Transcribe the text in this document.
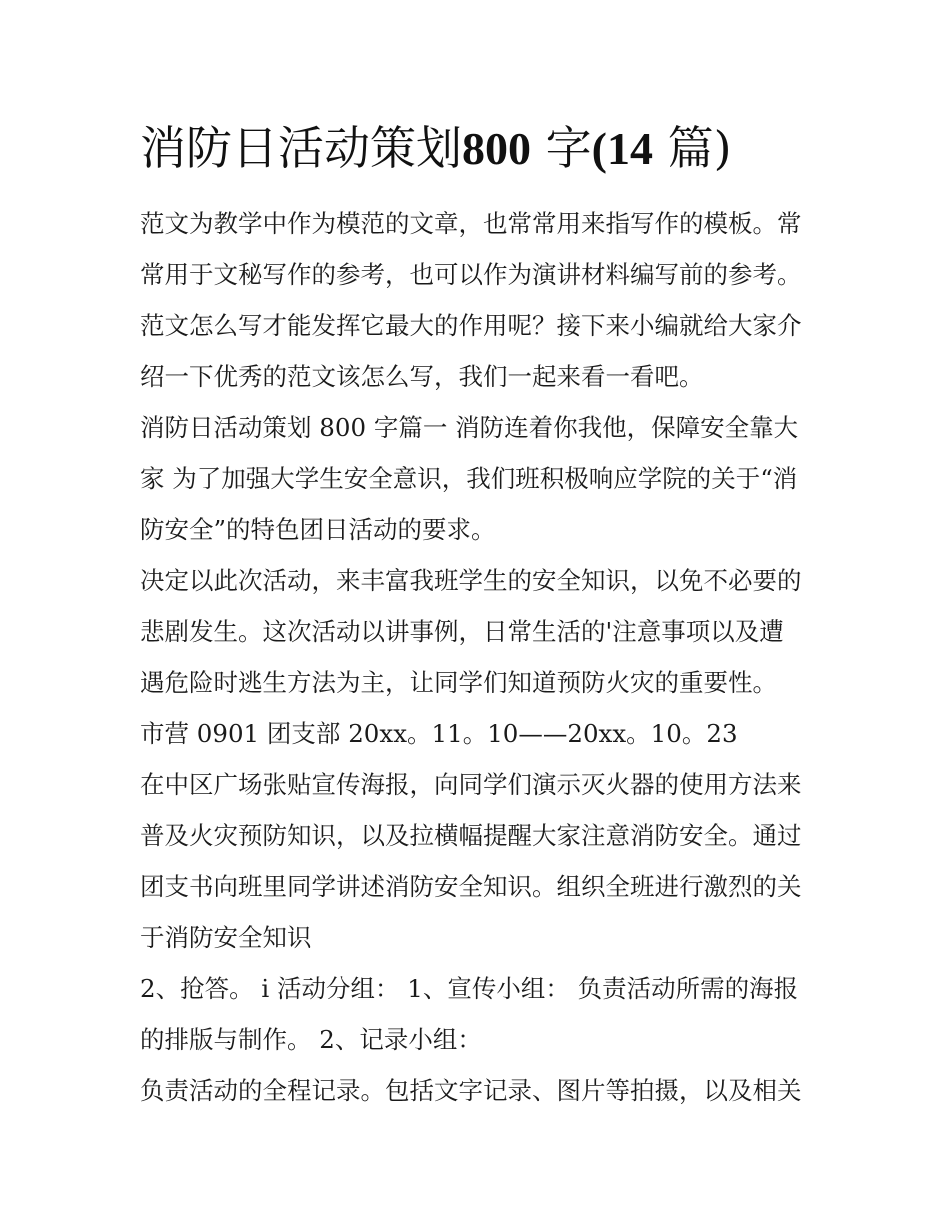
消防日活动策划800 字(14 篇)
范文为教学中作为模范的文章，也常常用来指写作的模板。常
常用于文秘写作的参考，也可以作为演讲材料编写前的参考。
范文怎么写才能发挥它最大的作用呢？接下来小编就给大家介
绍一下优秀的范文该怎么写，我们一起来看一看吧。
消防日活动策划 800 字篇一 消防连着你我他，保障安全靠大
家 为了加强大学生安全意识，我们班积极响应学院的关于“消
防安全”的特色团日活动的要求。
决定以此次活动，来丰富我班学生的安全知识，以免不必要的
悲剧发生。这次活动以讲事例，日常生活的'注意事项以及遭
遇危险时逃生方法为主，让同学们知道预防火灾的重要性。
市营 0901 团支部 20xx。11。10——20xx。10。23
在中区广场张贴宣传海报，向同学们演示灭火器的使用方法来
普及火灾预防知识，以及拉横幅提醒大家注意消防安全。通过
团支书向班里同学讲述消防安全知识。组织全班进行激烈的关
于消防安全知识
2、抢答。 i 活动分组： 1、宣传小组： 负责活动所需的海报
的排版与制作。 2、记录小组：
负责活动的全程记录。包括文字记录、图片等拍摄，以及相关
